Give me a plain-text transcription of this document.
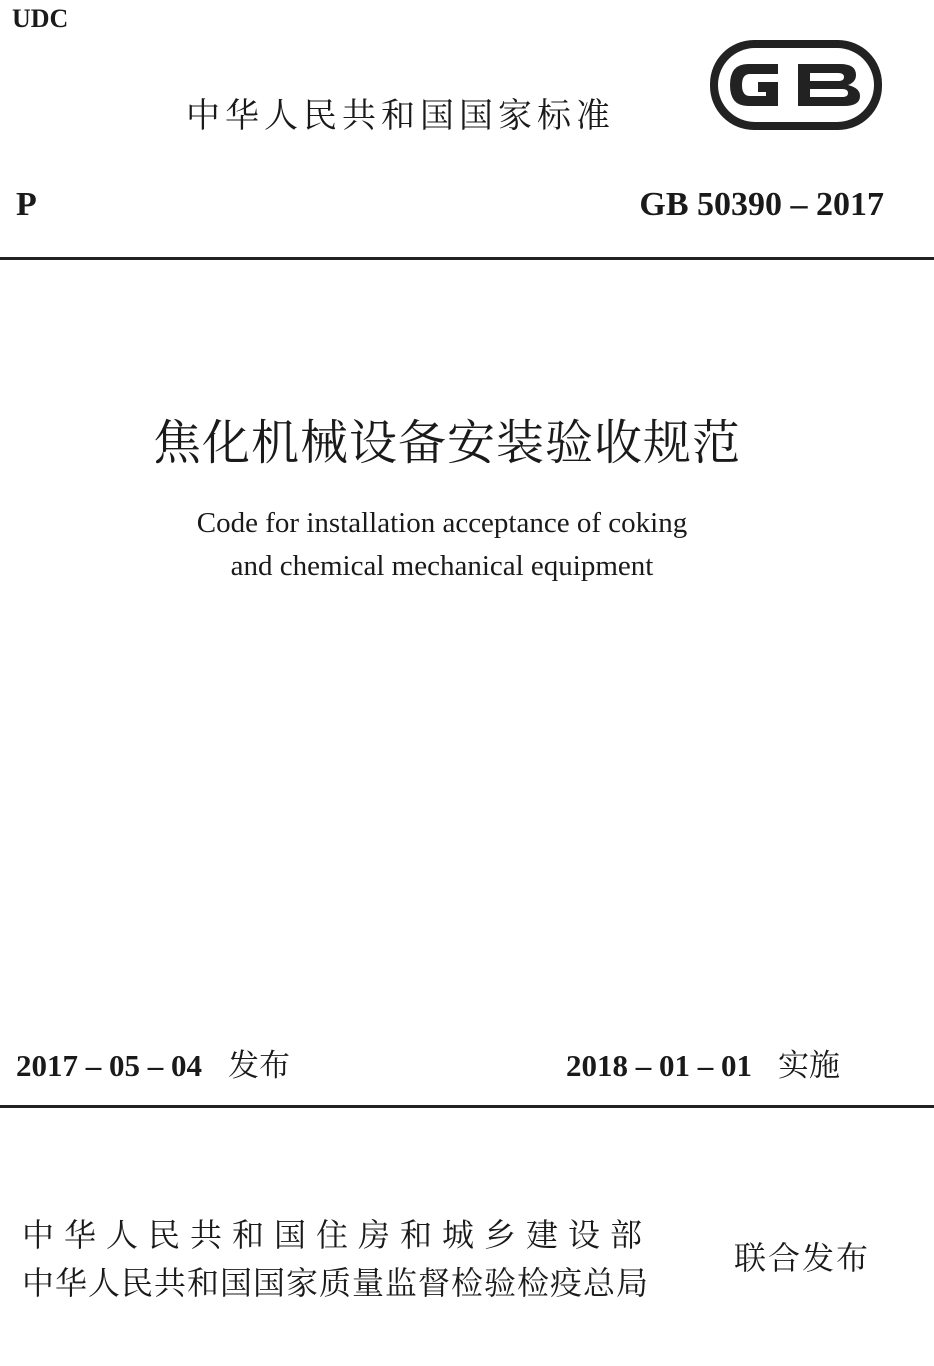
UDC
中华人民共和国国家标准
P	GB 50390 – 2017
焦化机械设备安装验收规范
Code for installation acceptance of coking
and chemical mechanical equipment
2017 – 05 – 04 发布	2018 – 01 – 01 实施
中华人民共和国住房和城乡建设部
中华人民共和国国家质量监督检验检疫总局
联合发布
